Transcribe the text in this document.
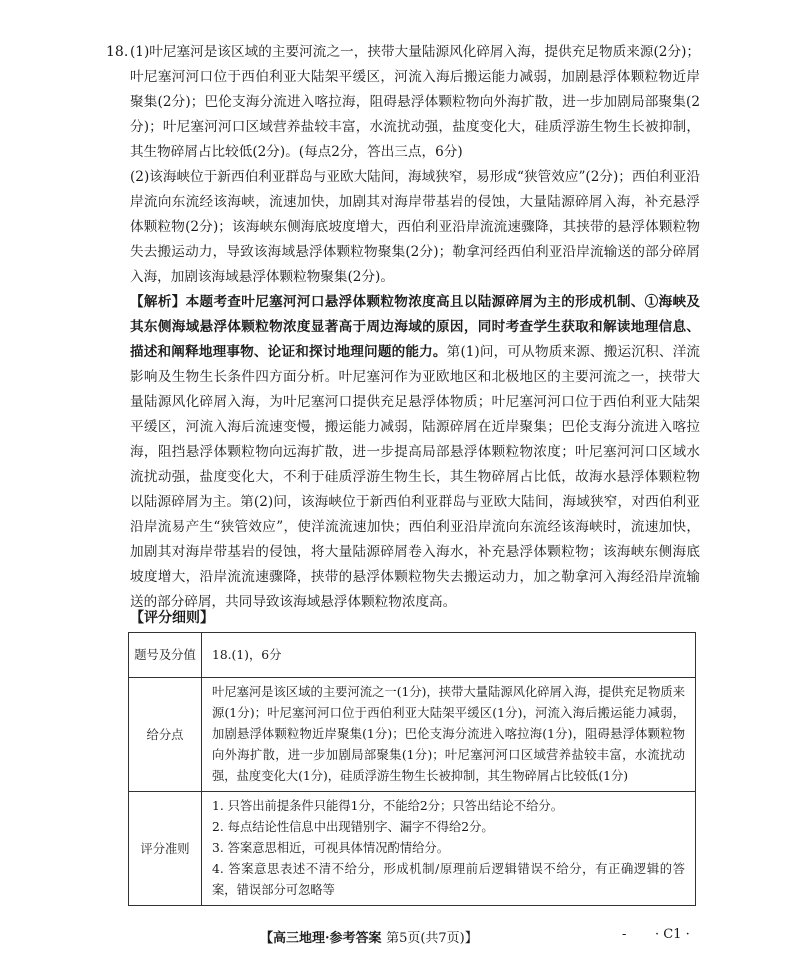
18. (1)叶尼塞河是该区域的主要河流之一，挟带大量陆源风化碎屑入海，提供充足物质来源(2分)；叶尼塞河河口位于西伯利亚大陆架平缓区，河流入海后搬运能力减弱，加剧悬浮体颗粒物近岸聚集(2分)；巴伦支海分流进入喀拉海，阻碍悬浮体颗粒物向外海扩散，进一步加剧局部聚集(2分)；叶尼塞河河口区域营养盐较丰富，水流扰动强，盐度变化大，硅质浮游生物生长被抑制，其生物碎屑占比较低(2分)。(每点2分，答出三点，6分)

(2)该海峡位于新西伯利亚群岛与亚欧大陆间，海域狭窄，易形成“狭管效应”(2分)；西伯利亚沿岸流向东流经该海峡，流速加快，加剧其对海岸带基岩的侵蚀，大量陆源碎屑入海，补充悬浮体颗粒物(2分)；该海峡东侧海底坡度增大，西伯利亚沿岸流流速骤降，其挟带的悬浮体颗粒物失去搬运动力，导致该海域悬浮体颗粒物聚集(2分)；勒拿河经西伯利亚沿岸流输送的部分碎屑入海，加剧该海域悬浮体颗粒物聚集(2分)。

【解析】本题考查叶尼塞河河口悬浮体颗粒物浓度高且以陆源碎屑为主的形成机制、①海峡及其东侧海域悬浮体颗粒物浓度显著高于周边海域的原因，同时考查学生获取和解读地理信息、描述和阐释地理事物、论证和探讨地理问题的能力。第(1)问，可从物质来源、搬运沉积、洋流影响及生物生长条件四方面分析。叶尼塞河作为亚欧地区和北极地区的主要河流之一，挟带大量陆源风化碎屑入海，为叶尼塞河口提供充足悬浮体物质；叶尼塞河河口位于西伯利亚大陆架平缓区，河流入海后流速变慢，搬运能力减弱，陆源碎屑在近岸聚集；巴伦支海分流进入喀拉海，阻挡悬浮体颗粒物向远海扩散，进一步提高局部悬浮体颗粒物浓度；叶尼塞河河口区域水流扰动强，盐度变化大，不利于硅质浮游生物生长，其生物碎屑占比低，故海水悬浮体颗粒物以陆源碎屑为主。第(2)问，该海峡位于新西伯利亚群岛与亚欧大陆间，海域狭窄，对西伯利亚沿岸流易产生“狭管效应”，使洋流流速加快；西伯利亚沿岸流向东流经该海峡时，流速加快，加剧其对海岸带基岩的侵蚀，将大量陆源碎屑卷入海水，补充悬浮体颗粒物；该海峡东侧海底坡度增大，沿岸流流速骤降，挟带的悬浮体颗粒物失去搬运动力，加之勒拿河入海经沿岸流输送的部分碎屑，共同导致该海域悬浮体颗粒物浓度高。

【评分细则】
题号及分值	18.(1)，6分
给分点	叶尼塞河是该区域的主要河流之一(1分)，挟带大量陆源风化碎屑入海，提供充足物质来源(1分)；叶尼塞河河口位于西伯利亚大陆架平缓区(1分)，河流入海后搬运能力减弱，加剧悬浮体颗粒物近岸聚集(1分)；巴伦支海分流进入喀拉海(1分)，阻碍悬浮体颗粒物向外海扩散，进一步加剧局部聚集(1分)；叶尼塞河河口区域营养盐较丰富，水流扰动强，盐度变化大(1分)，硅质浮游生物生长被抑制，其生物碎屑占比较低(1分)
评分准则	1. 只答出前提条件只能得1分，不能给2分；只答出结论不给分。
2. 每点结论性信息中出现错别字、漏字不得给2分。
3. 答案意思相近，可视具体情况酌情给分。
4. 答案意思表述不清不给分，形成机制/原理前后逻辑错误不给分，有正确逻辑的答案，错误部分可忽略等
【高三地理·参考答案 第5页(共7页)】	- · C1 ·
